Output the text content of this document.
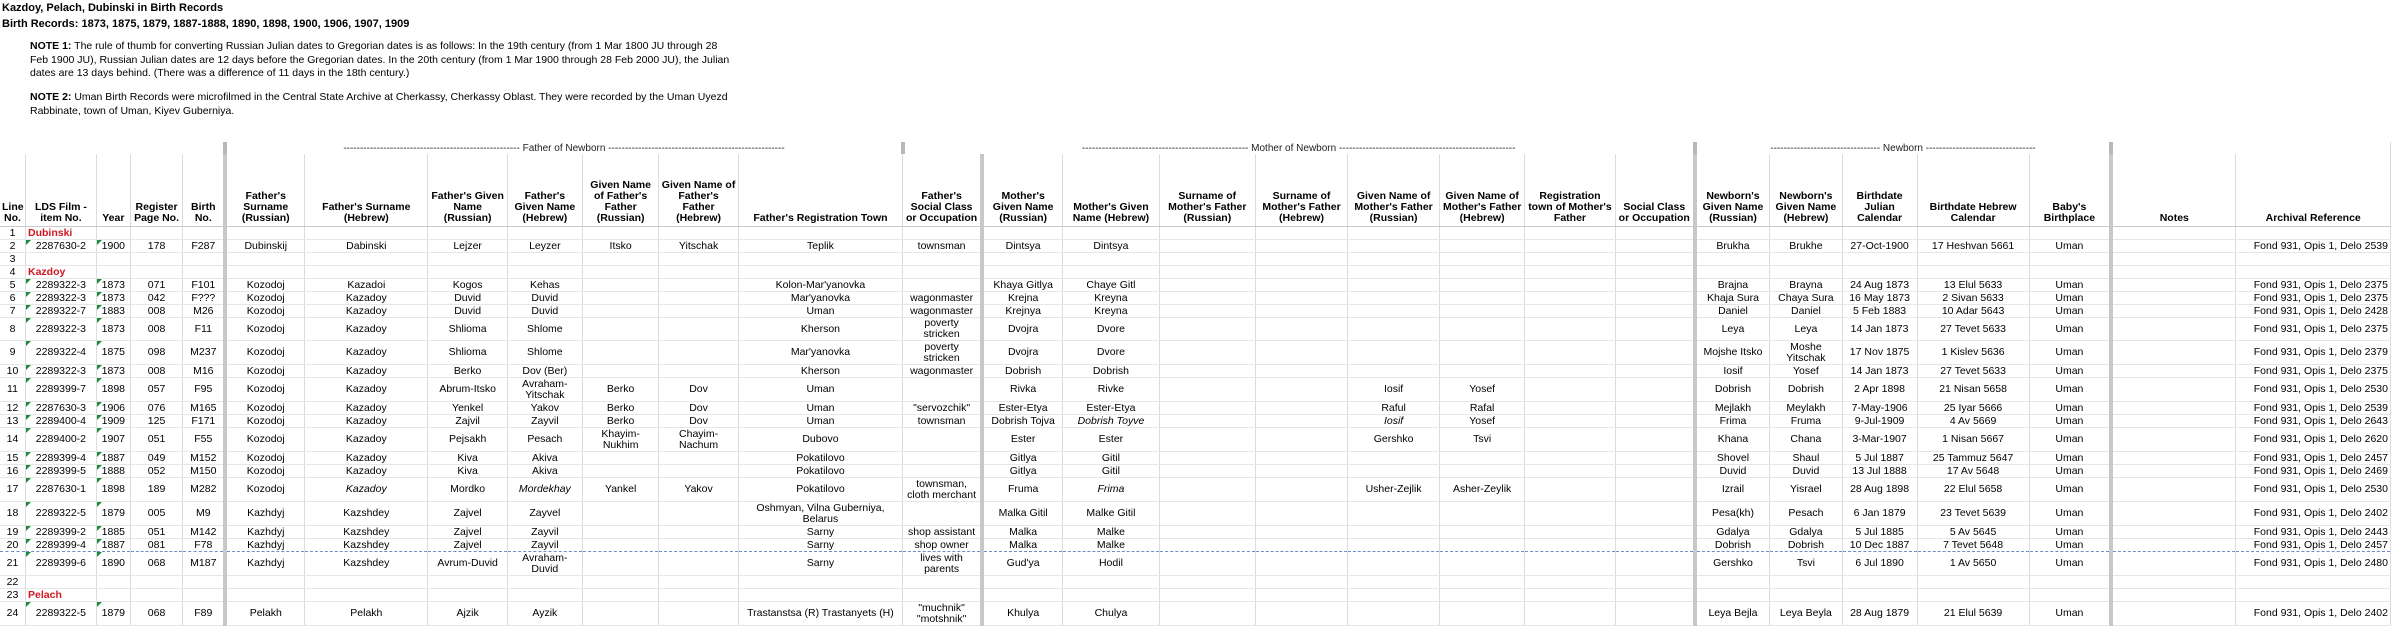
Kazdoy, Pelach, Dubinski in Birth Records
Birth Records: 1873, 1875, 1879, 1887-1888, 1890, 1898, 1900, 1906, 1907, 1909
NOTE 1: The rule of thumb for converting Russian Julian dates to Gregorian dates is as follows: In the 19th century (from 1 Mar 1800 JU through 28 Feb 1900 JU), Russian Julian dates are 12 days before the Gregorian dates. In the 20th century (from 1 Mar 1900 through 28 Feb 2000 JU), the Julian dates are 13 days behind. (There was a difference of 11 days in the 18th century.)
NOTE 2: Uman Birth Records were microfilmed in the Central State Archive at Cherkassy, Cherkassy Oblast. They were recorded by the Uman Uyezd Rabbinate, town of Uman, Kiyev Guberniya.
					----------------------------------------------------- Father of Newborn -----------------------------------------------------							-------------------------------------------------- Mother of Newborn -----------------------------------------------------									--------------------------------- Newborn ---------------------------------						
Line No.	LDS Film - item No.	Year	Register Page No.	Birth No.	Father's Surname (Russian)	Father's Surname (Hebrew)	Father's Given Name (Russian)	Father's Given Name (Hebrew)	Given Name of Father's Father (Russian)	Given Name of Father's Father (Hebrew)	Father's Registration Town	Father's Social Class or Occupation	Mother's Given Name (Russian)	Mother's Given Name (Hebrew)	Surname of Mother's Father (Russian)	Surname of Mother's Father (Hebrew)	Given Name of Mother's Father (Russian)	Given Name of Mother's Father (Hebrew)	Registration town of Mother's Father	Social Class or Occupation	Newborn's Given Name (Russian)	Newborn's Given Name (Hebrew)	Birthdate Julian Calendar	Birthdate Hebrew Calendar	Baby's Birthplace	Notes	Archival Reference
1	Dubinski																										
2	2287630-2	1900	178	F287	Dubinskij	Dabinski	Lejzer	Leyzer	Itsko	Yitschak	Teplik	townsman	Dintsya	Dintsya							Brukha	Brukhe	27-Oct-1900	17 Heshvan 5661	Uman		Fond 931, Opis 1, Delo 2539
3																											
4	Kazdoy																										
5	2289322-3	1873	071	F101	Kozodoj	Kazadoi	Kogos	Kehas			Kolon-Mar'yanovka		Khaya Gitlya	Chaye Gitl							Brajna	Brayna	24 Aug 1873	13 Elul 5633	Uman		Fond 931, Opis 1, Delo 2375
6	2289322-3	1873	042	F???	Kozodoj	Kazadoy	Duvid	Duvid			Mar'yanovka	wagonmaster	Krejna	Kreyna							Khaja Sura	Chaya Sura	16 May 1873	2 Sivan 5633	Uman		Fond 931, Opis 1, Delo 2375
7	2289322-7	1883	008	M26	Kozodoj	Kazadoy	Duvid	Duvid			Uman	wagonmaster	Krejnya	Kreyna							Daniel	Daniel	5 Feb 1883	10 Adar 5643	Uman		Fond 931, Opis 1, Delo 2428
8	2289322-3	1873	008	F11	Kozodoj	Kazadoy	Shlioma	Shlome			Kherson	poverty stricken	Dvojra	Dvore							Leya	Leya	14 Jan 1873	27 Tevet 5633	Uman		Fond 931, Opis 1, Delo 2375
9	2289322-4	1875	098	M237	Kozodoj	Kazadoy	Shlioma	Shlome			Mar'yanovka	poverty stricken	Dvojra	Dvore							Mojshe Itsko	Moshe Yitschak	17 Nov 1875	1 Kislev 5636	Uman		Fond 931, Opis 1, Delo 2379
10	2289322-3	1873	008	M16	Kozodoj	Kazadoy	Berko	Dov (Ber)			Kherson	wagonmaster	Dobrish	Dobrish							Iosif	Yosef	14 Jan 1873	27 Tevet 5633	Uman		Fond 931, Opis 1, Delo 2375
11	2289399-7	1898	057	F95	Kozodoj	Kazadoy	Abrum-Itsko	Avraham- Yitschak	Berko	Dov	Uman		Rivka	Rivke			Iosif	Yosef			Dobrish	Dobrish	2 Apr 1898	21 Nisan 5658	Uman		Fond 931, Opis 1, Delo 2530
12	2287630-3	1906	076	M165	Kozodoj	Kazadoy	Yenkel	Yakov	Berko	Dov	Uman	"servozchik"	Ester-Etya	Ester-Etya			Raful	Rafal			Mejlakh	Meylakh	7-May-1906	25 Iyar 5666	Uman		Fond 931, Opis 1, Delo 2539
13	2289400-4	1909	125	F171	Kozodoj	Kazadoy	Zajvil	Zayvil	Berko	Dov	Uman	townsman	Dobrish Tojva	Dobrish Toyve			Iosif	Yosef			Frima	Fruma	9-Jul-1909	4 Av 5669	Uman		Fond 931, Opis 1, Delo 2643
14	2289400-2	1907	051	F55	Kozodoj	Kazadoy	Pejsakh	Pesach	Khayim- Nukhim	Chayim- Nachum	Dubovo		Ester	Ester			Gershko	Tsvi			Khana	Chana	3-Mar-1907	1 Nisan 5667	Uman		Fond 931, Opis 1, Delo 2620
15	2289399-4	1887	049	M152	Kozodoj	Kazadoy	Kiva	Akiva			Pokatilovo		Gitlya	Gitil							Shovel	Shaul	5 Jul 1887	25 Tammuz 5647	Uman		Fond 931, Opis 1, Delo 2457
16	2289399-5	1888	052	M150	Kozodoj	Kazadoy	Kiva	Akiva			Pokatilovo		Gitlya	Gitil							Duvid	Duvid	13 Jul 1888	17 Av 5648	Uman		Fond 931, Opis 1, Delo 2469
17	2287630-1	1898	189	M282	Kozodoj	Kazadoy	Mordko	Mordekhay	Yankel	Yakov	Pokatilovo	townsman, cloth merchant	Fruma	Frima			Usher-Zejlik	Asher-Zeylik			Izrail	Yisrael	28 Aug 1898	22 Elul 5658	Uman		Fond 931, Opis 1, Delo 2530
18	2289322-5	1879	005	M9	Kazhdyj	Kazshdey	Zajvel	Zayvel			Oshmyan, Vilna Guberniya, Belarus		Malka Gitil	Malke Gitil							Pesa(kh)	Pesach	6 Jan 1879	23 Tevet 5639	Uman		Fond 931, Opis 1, Delo 2402
19	2289399-2	1885	051	M142	Kazhdyj	Kazshdey	Zajvel	Zayvil			Sarny	shop assistant	Malka	Malke							Gdalya	Gdalya	5 Jul 1885	5 Av 5645	Uman		Fond 931, Opis 1, Delo 2443
20	2289399-4	1887	081	F78	Kazhdyj	Kazshdey	Zajvel	Zayvil			Sarny	shop owner	Malka	Malke							Dobrish	Dobrish	10 Dec 1887	7 Tevet 5648	Uman		Fond 931, Opis 1, Delo 2457
21	2289399-6	1890	068	M187	Kazhdyj	Kazshdey	Avrum-Duvid	Avraham- Duvid			Sarny	lives with parents	Gud'ya	Hodil							Gershko	Tsvi	6 Jul 1890	1 Av 5650	Uman		Fond 931, Opis 1, Delo 2480
22																											
23	Pelach																										
24	2289322-5	1879	068	F89	Pelakh	Pelakh	Ajzik	Ayzik			Trastanstsa (R) Trastanyets (H)	"muchnik" "motshnik"	Khulya	Chulya							Leya Bejla	Leya Beyla	28 Aug 1879	21 Elul 5639	Uman		Fond 931, Opis 1, Delo 2402
